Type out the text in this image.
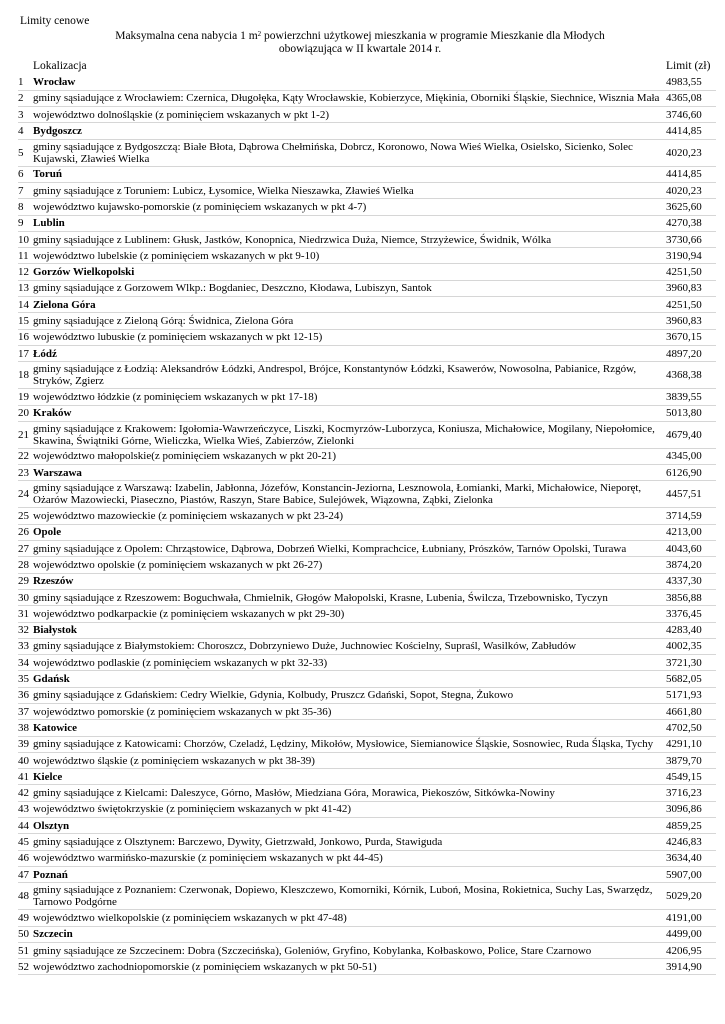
Limity cenowe
Maksymalna cena nabycia 1 $m^2$ powierzchni użytkowej mieszkania w programie Mieszkanie dla Młodych
obowiązująca w II kwartale 2014 r.
Lokalizacja		Limit (zł)
1	Wrocław	4983,55
2	gminy sąsiadujące z Wrocławiem: Czernica, Długołęka, Kąty Wrocławskie, Kobierzyce, Miękinia, Oborniki Śląskie, Siechnice, Wisznia Mała	4365,08
3	województwo dolnośląskie (z pominięciem wskazanych w pkt 1-2)	3746,60
4	Bydgoszcz	4414,85
5	gminy sąsiadujące z Bydgoszczą: Białe Błota, Dąbrowa Chełmińska, Dobrcz, Koronowo, Nowa Wieś Wielka, Osielsko, Sicienko, Solec Kujawski, Zławieś Wielka	4020,23
6	Toruń	4414,85
7	gminy sąsiadujące z Toruniem: Lubicz, Łysomice, Wielka Nieszawka, Zławieś Wielka	4020,23
8	województwo kujawsko-pomorskie (z pominięciem wskazanych w pkt 4-7)	3625,60
9	Lublin	4270,38
10	gminy sąsiadujące z Lublinem: Głusk, Jastków, Konopnica, Niedrzwica Duża, Niemce, Strzyżewice, Świdnik, Wólka	3730,66
11	województwo lubelskie (z pominięciem wskazanych w pkt 9-10)	3190,94
12	Gorzów Wielkopolski	4251,50
13	gminy sąsiadujące z Gorzowem Wlkp.: Bogdaniec, Deszczno, Kłodawa, Lubiszyn, Santok	3960,83
14	Zielona Góra	4251,50
15	gminy sąsiadujące z Zieloną Górą: Świdnica, Zielona Góra	3960,83
16	województwo lubuskie (z pominięciem wskazanych w pkt 12-15)	3670,15
17	Łódź	4897,20
18	gminy sąsiadujące z Łodzią: Aleksandrów Łódzki, Andrespol, Brójce, Konstantynów Łódzki, Ksawerów, Nowosolna, Pabianice, Rzgów, Stryków, Zgierz	4368,38
19	województwo łódzkie (z pominięciem wskazanych w pkt 17-18)	3839,55
20	Kraków	5013,80
21	gminy sąsiadujące z Krakowem: Igołomia-Wawrzeńczyce, Liszki, Kocmyrzów-Luborzyca, Koniusza, Michałowice, Mogilany, Niepołomice, Skawina, Świątniki Górne, Wieliczka, Wielka Wieś, Zabierzów, Zielonki	4679,40
22	województwo małopolskie(z pominięciem wskazanych w pkt 20-21)	4345,00
23	Warszawa	6126,90
24	gminy sąsiadujące z Warszawą: Izabelin, Jabłonna, Józefów, Konstancin-Jeziorna, Lesznowola, Łomianki, Marki, Michałowice, Nieporęt, Ożarów Mazowiecki, Piaseczno, Piastów, Raszyn, Stare Babice, Sulejówek, Wiązowna, Ząbki, Zielonka	4457,51
25	województwo mazowieckie (z pominięciem wskazanych w pkt 23-24)	3714,59
26	Opole	4213,00
27	gminy sąsiadujące z Opolem: Chrząstowice, Dąbrowa, Dobrzeń Wielki, Komprachcice, Łubniany, Prószków, Tarnów Opolski, Turawa	4043,60
28	województwo opolskie (z pominięciem wskazanych w pkt 26-27)	3874,20
29	Rzeszów	4337,30
30	gminy sąsiadujące z Rzeszowem: Boguchwała, Chmielnik, Głogów Małopolski, Krasne, Lubenia, Świlcza, Trzebownisko, Tyczyn	3856,88
31	województwo podkarpackie (z pominięciem wskazanych w pkt 29-30)	3376,45
32	Białystok	4283,40
33	gminy sąsiadujące z Białymstokiem: Choroszcz, Dobrzyniewo Duże, Juchnowiec Kościelny, Supraśl, Wasilków, Zabłudów	4002,35
34	województwo podlaskie (z pominięciem wskazanych w pkt 32-33)	3721,30
35	Gdańsk	5682,05
36	gminy sąsiadujące z Gdańskiem: Cedry Wielkie, Gdynia, Kolbudy, Pruszcz Gdański, Sopot, Stegna, Żukowo	5171,93
37	województwo pomorskie (z pominięciem wskazanych w pkt 35-36)	4661,80
38	Katowice	4702,50
39	gminy sąsiadujące z Katowicami: Chorzów, Czeladź, Lędziny, Mikołów, Mysłowice, Siemianowice Śląskie, Sosnowiec, Ruda Śląska, Tychy	4291,10
40	województwo śląskie (z pominięciem wskazanych w pkt 38-39)	3879,70
41	Kielce	4549,15
42	gminy sąsiadujące z Kielcami: Daleszyce, Górno, Masłów, Miedziana Góra, Morawica, Piekoszów, Sitkówka-Nowiny	3716,23
43	województwo świętokrzyskie (z pominięciem wskazanych w pkt 41-42)	3096,86
44	Olsztyn	4859,25
45	gminy sąsiadujące z Olsztynem: Barczewo, Dywity, Gietrzwałd, Jonkowo, Purda, Stawiguda	4246,83
46	województwo warmińsko-mazurskie (z pominięciem wskazanych w pkt 44-45)	3634,40
47	Poznań	5907,00
48	gminy sąsiadujące z Poznaniem: Czerwonak, Dopiewo, Kleszczewo, Komorniki, Kórnik, Luboń, Mosina, Rokietnica, Suchy Las, Swarzędz, Tarnowo Podgórne	5029,20
49	województwo wielkopolskie (z pominięciem wskazanych w pkt 47-48)	4191,00
50	Szczecin	4499,00
51	gminy sąsiadujące ze Szczecinem: Dobra (Szczecińska), Goleniów, Gryfino, Kobylanka, Kołbaskowo, Police, Stare Czarnowo	4206,95
52	województwo zachodniopomorskie (z pominięciem wskazanych w pkt 50-51)	3914,90
